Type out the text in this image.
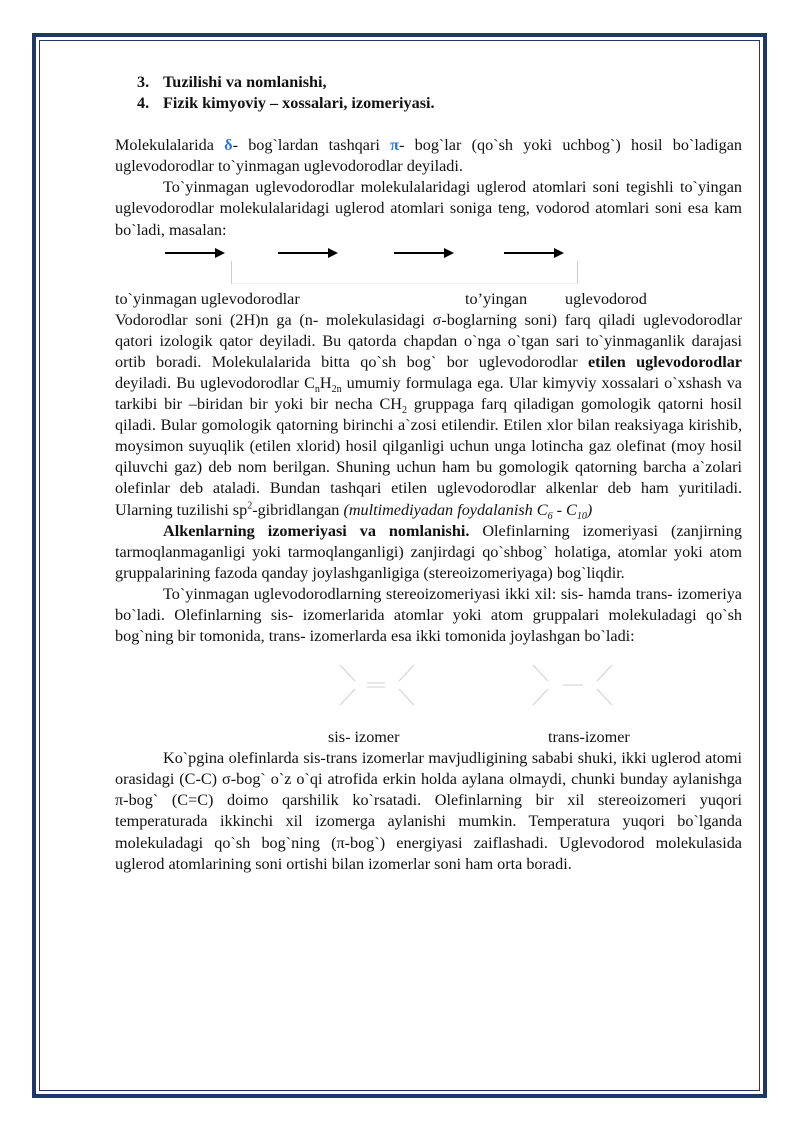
3. Tuzilishi va nomlanishi,
4. Fizik kimyoviy – xossalari, izomeriyasi.

Molekulalarida δ- bog`lardan tashqari π- bog`lar (qo`sh yoki uchbog`) hosil bo`ladigan uglevodorodlar to`yinmagan uglevodorodlar deyiladi.

To`yinmagan uglevodorodlar molekulalaridagi uglerod atomlari soni tegishli to`yingan uglevodorodlar molekulalaridagi uglerod atomlari soniga teng, vodorod atomlari soni esa kam bo`ladi, masalan:

to`yinmagan uglevodorodlar	to’yingan uglevodorod

Vodorodlar soni (2H)n ga (n- molekulasidagi σ-boglarning soni) farq qiladi uglevodorodlar qatori izologik qator deyiladi. Bu qatorda chapdan o`nga o`tgan sari to`yinmaganlik darajasi ortib boradi. Molekulalarida bitta qo`sh bog` bor uglevodorodlar etilen uglevodorodlar deyiladi. Bu uglevodorodlar $C_nH_{2n}$ umumiy formulaga ega. Ular kimyviy xossalari o`xshash va tarkibi bir –biridan bir yoki bir necha $CH_2$ gruppaga farq qiladigan gomologik qatorni hosil qiladi. Bular gomologik qatorning birinchi a`zosi etilendir. Etilen xlor bilan reaksiyaga kirishib, moysimon suyuqlik (etilen xlorid) hosil qilganligi uchun unga lotincha gaz olefinat (moy hosil qiluvchi gaz) deb nom berilgan. Shuning uchun ham bu gomologik qatorning barcha a`zolari olefinlar deb ataladi. Bundan tashqari etilen uglevodorodlar alkenlar deb ham yuritiladi. Ularning tuzilishi $sp^2$-gibridlangan (multimediyadan foydalanish $C_6 - C_{10}$)

Alkenlarning izomeriyasi va nomlanishi. Olefinlarning izomeriyasi (zanjirning tarmoqlanmaganligi yoki tarmoqlanganligi) zanjirdagi qo`shbog` holatiga, atomlar yoki atom gruppalarining fazoda qanday joylashganligiga (stereoizomeriyaga) bog`liqdir.

To`yinmagan uglevodorodlarning stereoizomeriyasi ikki xil: sis- hamda trans- izomeriya bo`ladi. Olefinlarning sis- izomerlarida atomlar yoki atom gruppalari molekuladagi qo`sh bog`ning bir tomonida, trans- izomerlarda esa ikki tomonida joylashgan bo`ladi:

sis- izomer	trans-izomer

Ko`pgina olefinlarda sis-trans izomerlar mavjudligining sababi shuki, ikki uglerod atomi orasidagi (C-C) σ-bog` o`z o`qi atrofida erkin holda aylana olmaydi, chunki bunday aylanishga π-bog` (C=C) doimo qarshilik ko`rsatadi. Olefinlarning bir xil stereoizomeri yuqori temperaturada ikkinchi xil izomerga aylanishi mumkin. Temperatura yuqori bo`lganda molekuladagi qo`sh bog`ning (π-bog`) energiyasi zaiflashadi. Uglevodorod molekulasida uglerod atomlarining soni ortishi bilan izomerlar soni ham orta boradi.
